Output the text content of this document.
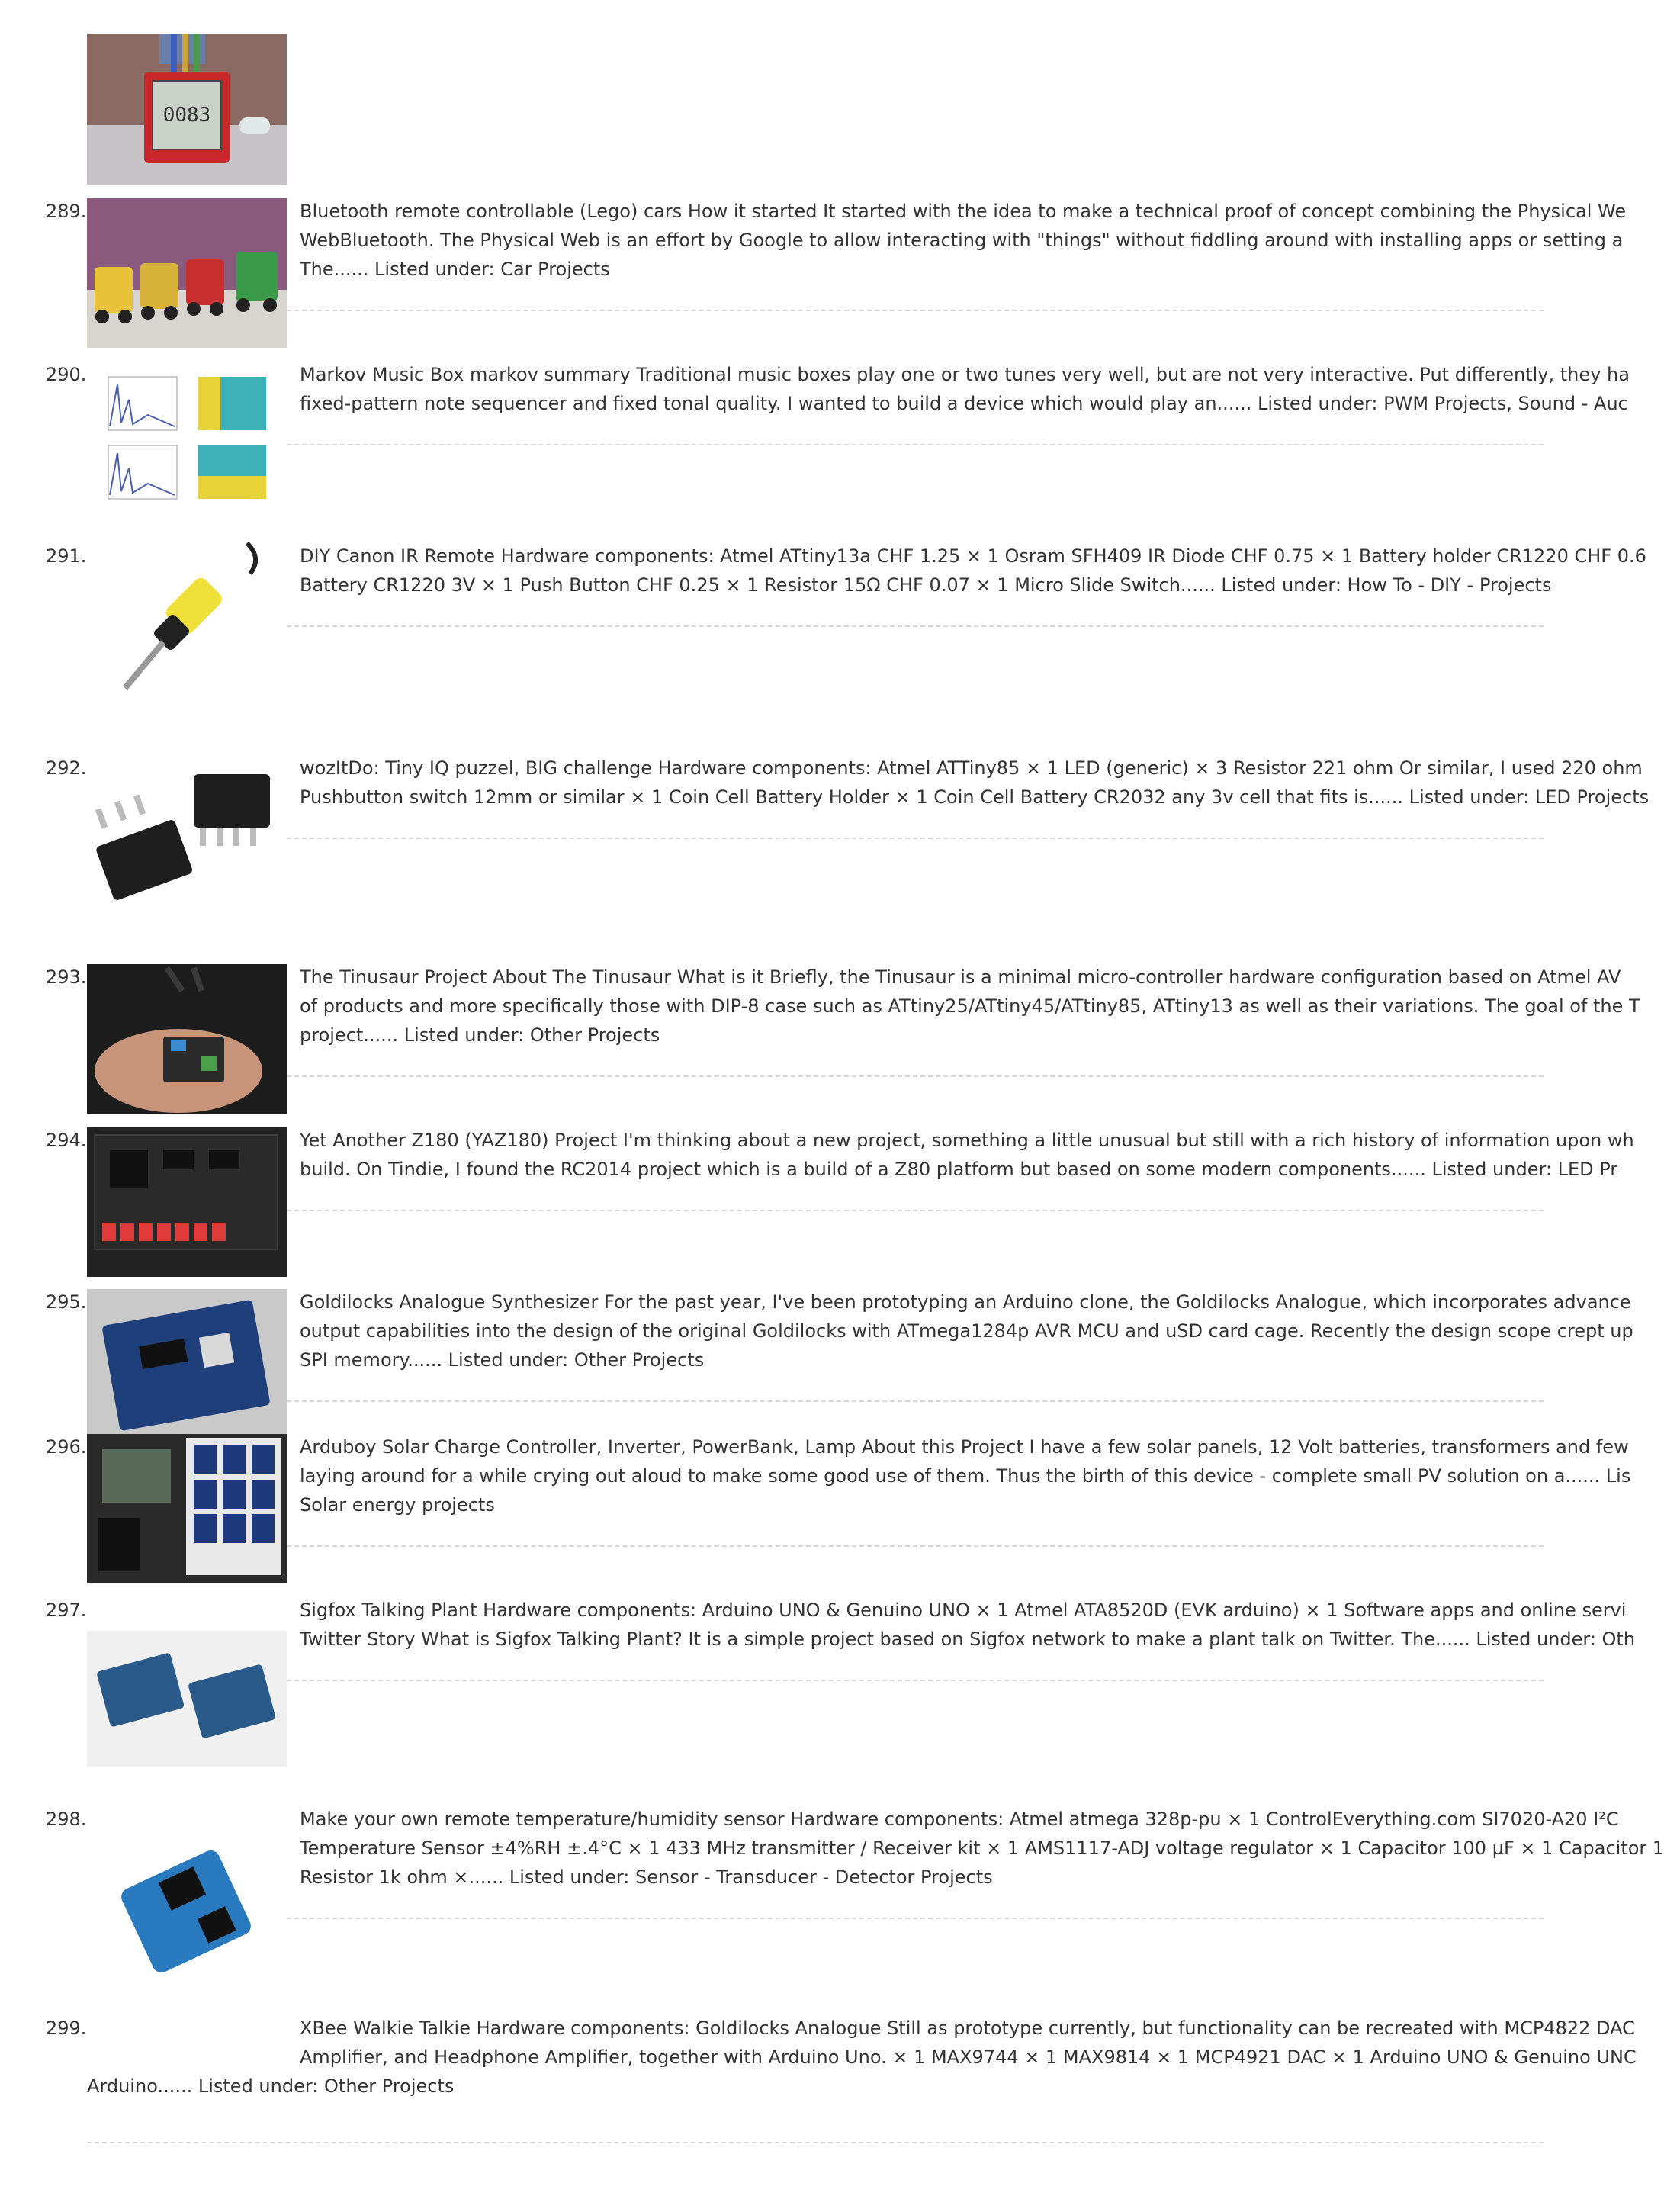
0083
289.	Bluetooth remote controllable (Lego) cars How it started It started with the idea to make a technical proof of concept combining the Physical We
WebBluetooth. The Physical Web is an effort by Google to allow interacting with "things" without fiddling around with installing apps or setting a
The...... Listed under: Car Projects
290.	Markov Music Box markov summary Traditional music boxes play one or two tunes very well, but are not very interactive. Put differently, they ha
fixed-pattern note sequencer and fixed tonal quality. I wanted to build a device which would play an...... Listed under: PWM Projects, Sound - Auc
291.	DIY Canon IR Remote Hardware components: Atmel ATtiny13a CHF 1.25 × 1 Osram SFH409 IR Diode CHF 0.75 × 1 Battery holder CR1220 CHF 0.6
Battery CR1220 3V × 1 Push Button CHF 0.25 × 1 Resistor 15Ω CHF 0.07 × 1 Micro Slide Switch...... Listed under: How To - DIY - Projects
292.	wozItDo: Tiny IQ puzzel, BIG challenge Hardware components: Atmel ATTiny85 × 1 LED (generic) × 3 Resistor 221 ohm Or similar, I used 220 ohm
Pushbutton switch 12mm or similar × 1 Coin Cell Battery Holder × 1 Coin Cell Battery CR2032 any 3v cell that fits is...... Listed under: LED Projects
293.	The Tinusaur Project About The Tinusaur What is it Briefly, the Tinusaur is a minimal micro-controller hardware configuration based on Atmel AV
of products and more specifically those with DIP-8 case such as ATtiny25/ATtiny45/ATtiny85, ATtiny13 as well as their variations. The goal of the T
project...... Listed under: Other Projects
294.	Yet Another Z180 (YAZ180) Project I'm thinking about a new project, something a little unusual but still with a rich history of information upon wh
build. On Tindie, I found the RC2014 project which is a build of a Z80 platform but based on some modern components...... Listed under: LED Pr
295.	Goldilocks Analogue Synthesizer For the past year, I've been prototyping an Arduino clone, the Goldilocks Analogue, which incorporates advance
output capabilities into the design of the original Goldilocks with ATmega1284p AVR MCU and uSD card cage. Recently the design scope crept up
SPI memory...... Listed under: Other Projects
296.	Arduboy Solar Charge Controller, Inverter, PowerBank, Lamp About this Project I have a few solar panels, 12 Volt batteries, transformers and few
laying around for a while crying out aloud to make some good use of them. Thus the birth of this device - complete small PV solution on a...... Lis
Solar energy projects
297.	Sigfox Talking Plant Hardware components: Arduino UNO & Genuino UNO × 1 Atmel ATA8520D (EVK arduino) × 1 Software apps and online servi
Twitter Story What is Sigfox Talking Plant? It is a simple project based on Sigfox network to make a plant talk on Twitter. The...... Listed under: Oth
298.	Make your own remote temperature/humidity sensor Hardware components: Atmel atmega 328p-pu × 1 ControlEverything.com SI7020-A20 I²C
Temperature Sensor ±4%RH ±.4°C × 1 433 MHz transmitter / Receiver kit × 1 AMS1117-ADJ voltage regulator × 1 Capacitor 100 µF × 1 Capacitor 1
Resistor 1k ohm ×...... Listed under: Sensor - Transducer - Detector Projects
299.	XBee Walkie Talkie Hardware components: Goldilocks Analogue Still as prototype currently, but functionality can be recreated with MCP4822 DAC
Amplifier, and Headphone Amplifier, together with Arduino Uno. × 1 MAX9744 × 1 MAX9814 × 1 MCP4921 DAC × 1 Arduino UNO & Genuino UNC
Arduino...... Listed under: Other Projects
